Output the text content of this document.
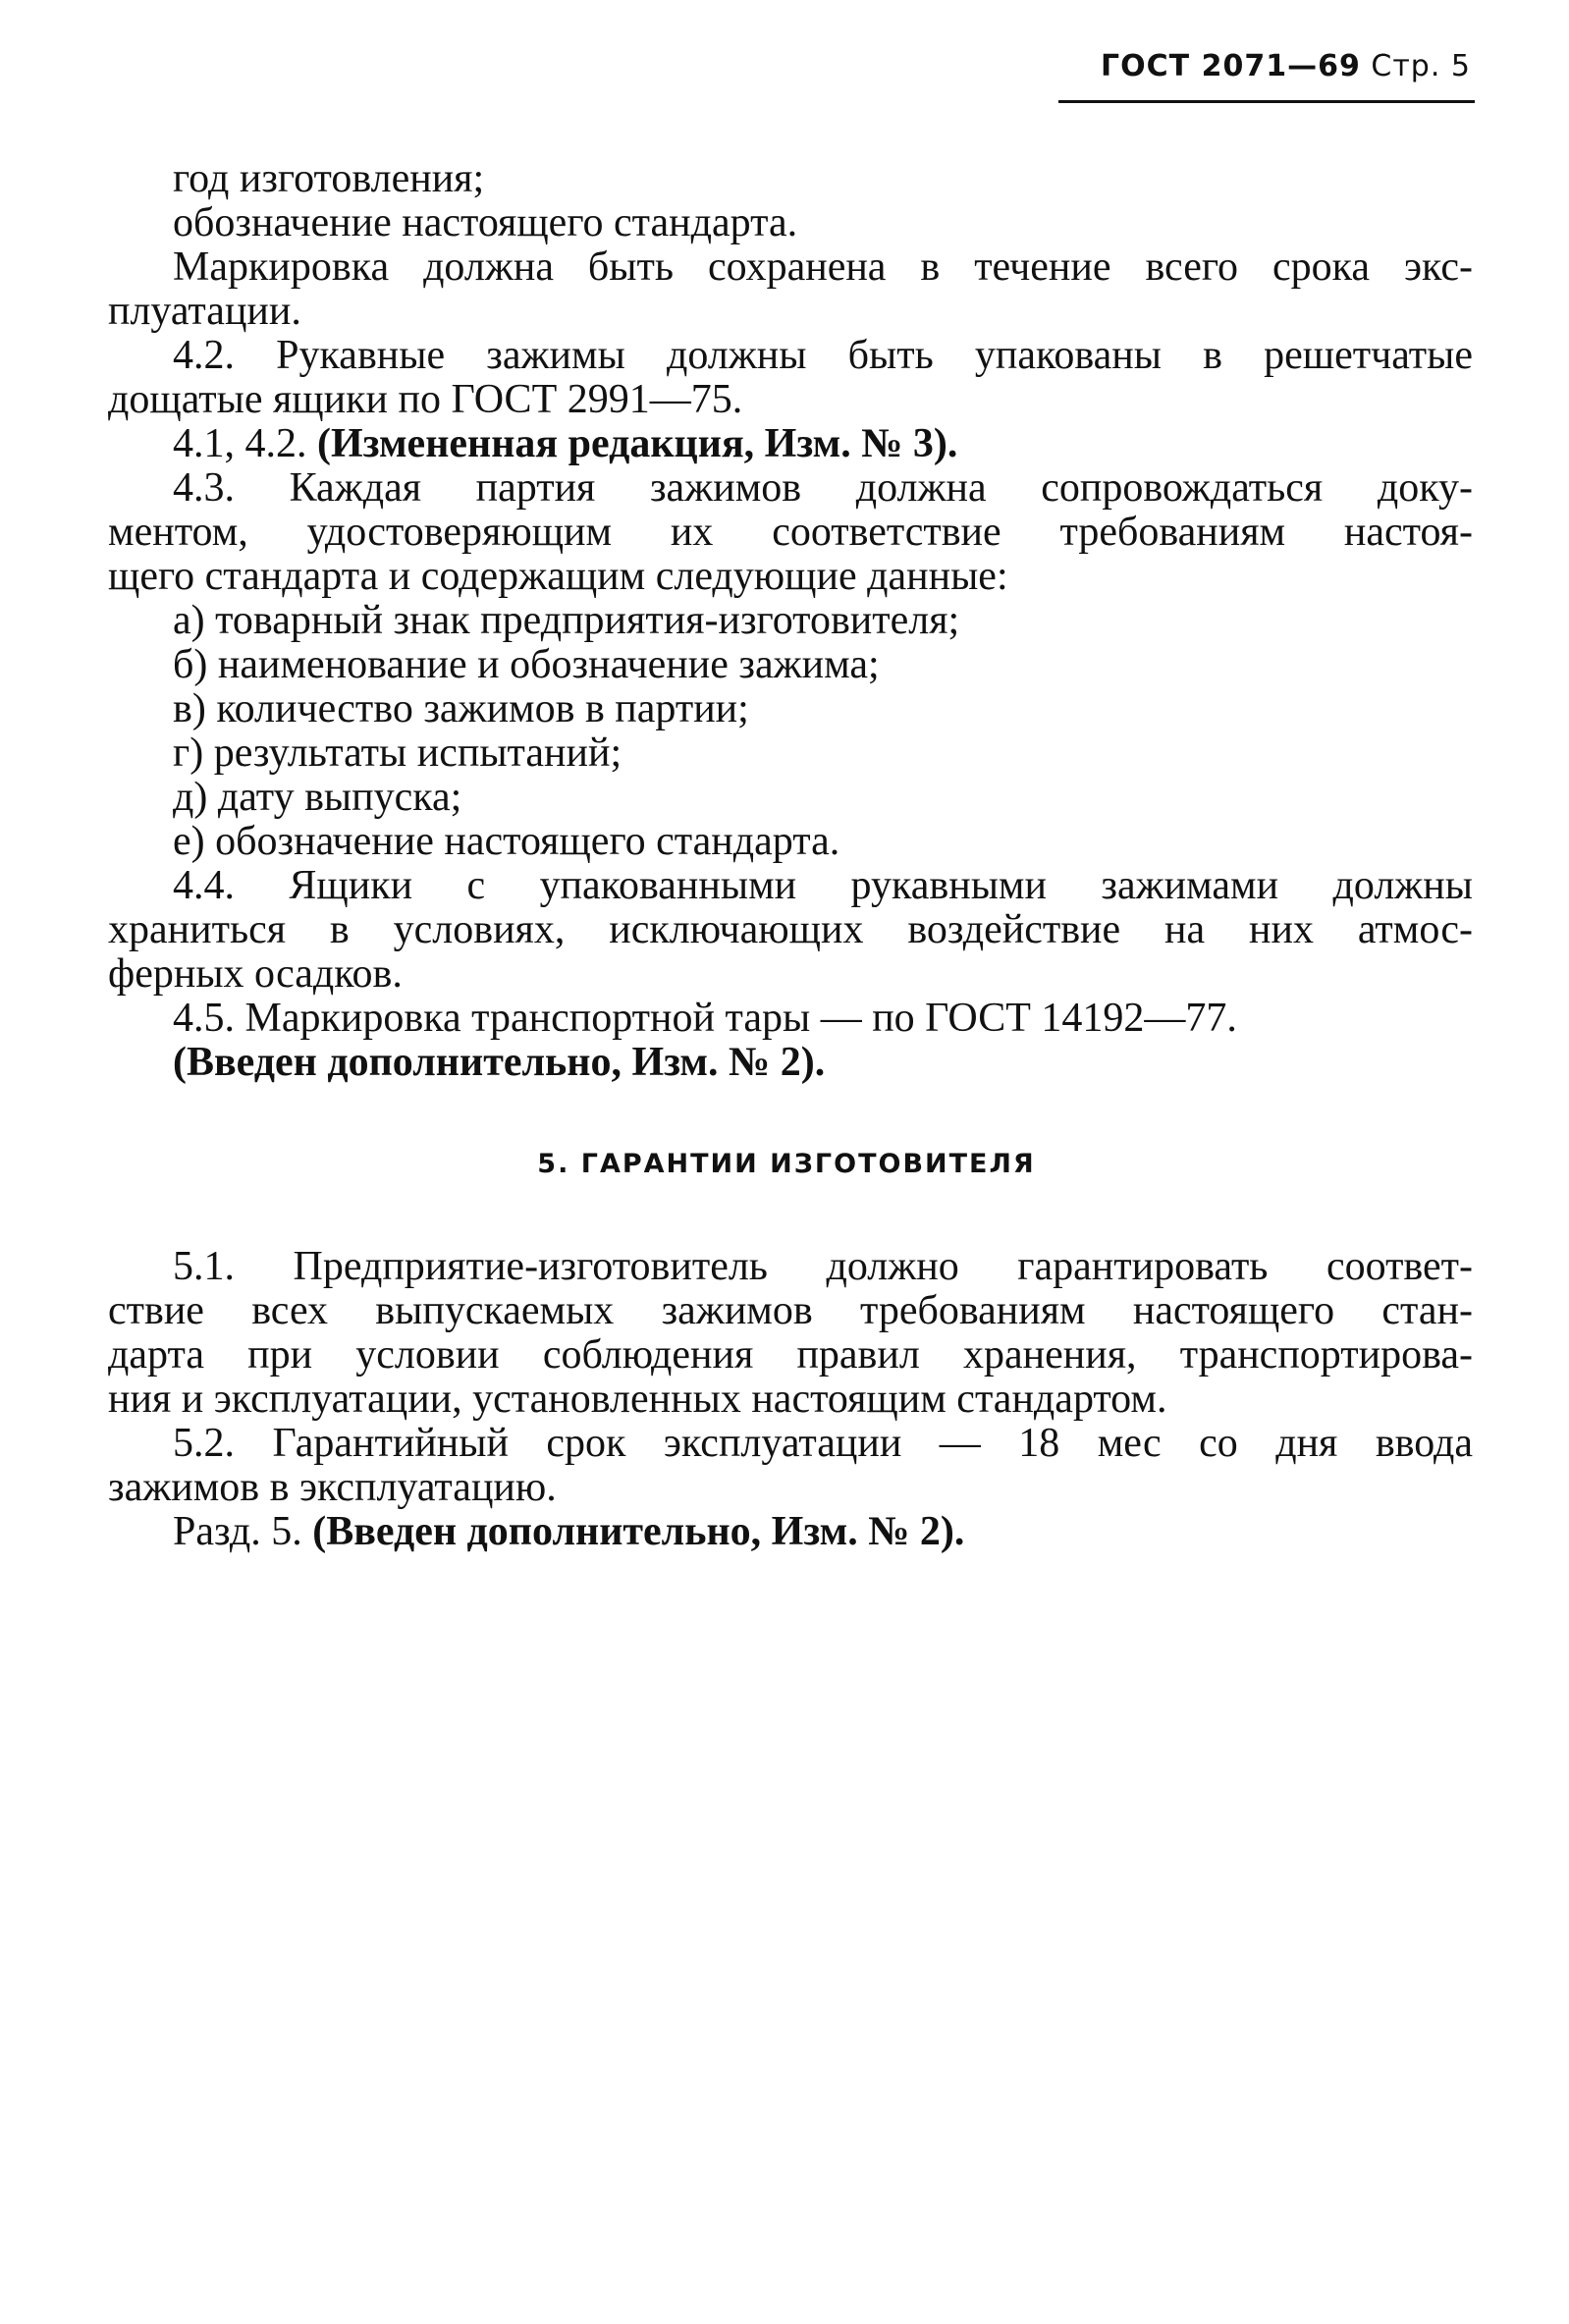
ГОСТ 2071—69 Стр. 5
год изготовления;
обозначение настоящего стандарта.
Маркировка должна быть сохранена в течение всего срока экс-
плуатации.
4.2. Рукавные зажимы должны быть упакованы в решетчатые
дощатые ящики по ГОСТ 2991—75.
4.1, 4.2. (Измененная редакция, Изм. № 3).
4.3. Каждая партия зажимов должна сопровождаться доку-
ментом, удостоверяющим их соответствие требованиям настоя-
щего стандарта и содержащим следующие данные:
а) товарный знак предприятия-изготовителя;
б) наименование и обозначение зажима;
в) количество зажимов в партии;
г) результаты испытаний;
д) дату выпуска;
е) обозначение настоящего стандарта.
4.4. Ящики с упакованными рукавными зажимами должны
храниться в условиях, исключающих воздействие на них атмос-
ферных осадков.
4.5. Маркировка транспортной тары — по ГОСТ 14192—77.
(Введен дополнительно, Изм. № 2).
5. ГАРАНТИИ ИЗГОТОВИТЕЛЯ
5.1. Предприятие-изготовитель должно гарантировать соответ-
ствие всех выпускаемых зажимов требованиям настоящего стан-
дарта при условии соблюдения правил хранения, транспортирова-
ния и эксплуатации, установленных настоящим стандартом.
5.2. Гарантийный срок эксплуатации — 18 мес со дня ввода
зажимов в эксплуатацию.
Разд. 5. (Введен дополнительно, Изм. № 2).
